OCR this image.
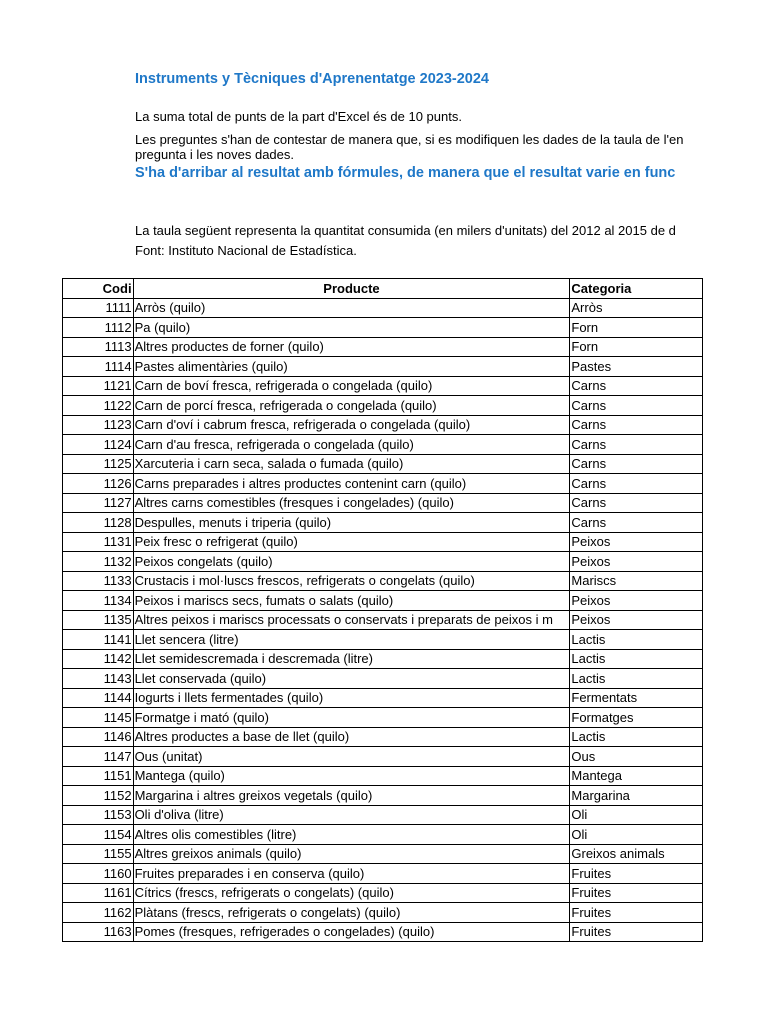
Instruments y Tècniques d'Aprenentatge 2023-2024
La suma total de punts de la part d'Excel és de 10 punts.
Les preguntes s'han de contestar de manera que, si es modifiquen les dades de la taula de l'en
pregunta i les noves dades.
S'ha d'arribar al resultat amb fórmules, de manera que el resultat varie en func
La taula següent representa la quantitat consumida (en milers d'unitats) del 2012 al 2015 de d
Font: Instituto Nacional de Estadística.
Codi	Producte	Categoria
1111	Arròs (quilo)	Arròs
1112	Pa (quilo)	Forn
1113	Altres productes de forner (quilo)	Forn
1114	Pastes alimentàries (quilo)	Pastes
1121	Carn de boví fresca, refrigerada o congelada (quilo)	Carns
1122	Carn de porcí fresca, refrigerada o congelada (quilo)	Carns
1123	Carn d'oví i cabrum fresca, refrigerada o congelada (quilo)	Carns
1124	Carn d'au fresca, refrigerada o congelada (quilo)	Carns
1125	Xarcuteria i carn seca, salada o fumada (quilo)	Carns
1126	Carns preparades i altres productes contenint carn (quilo)	Carns
1127	Altres carns comestibles (fresques i congelades) (quilo)	Carns
1128	Despulles, menuts i triperia (quilo)	Carns
1131	Peix fresc o refrigerat (quilo)	Peixos
1132	Peixos congelats (quilo)	Peixos
1133	Crustacis i mol·luscs frescos, refrigerats o congelats (quilo)	Mariscs
1134	Peixos i mariscs secs, fumats o salats (quilo)	Peixos
1135	Altres peixos i mariscs processats o conservats i preparats de peixos i m	Peixos
1141	Llet sencera (litre)	Lactis
1142	Llet semidescremada i descremada (litre)	Lactis
1143	Llet conservada (quilo)	Lactis
1144	Iogurts i llets fermentades (quilo)	Fermentats
1145	Formatge i mató (quilo)	Formatges
1146	Altres productes a base de llet (quilo)	Lactis
1147	Ous (unitat)	Ous
1151	Mantega (quilo)	Mantega
1152	Margarina i altres greixos vegetals (quilo)	Margarina
1153	Oli d'oliva (litre)	Oli
1154	Altres olis comestibles (litre)	Oli
1155	Altres greixos animals (quilo)	Greixos animals
1160	Fruites preparades i en conserva (quilo)	Fruites
1161	Cítrics (frescs, refrigerats o congelats) (quilo)	Fruites
1162	Plàtans (frescs, refrigerats o congelats) (quilo)	Fruites
1163	Pomes (fresques, refrigerades o congelades) (quilo)	Fruites
